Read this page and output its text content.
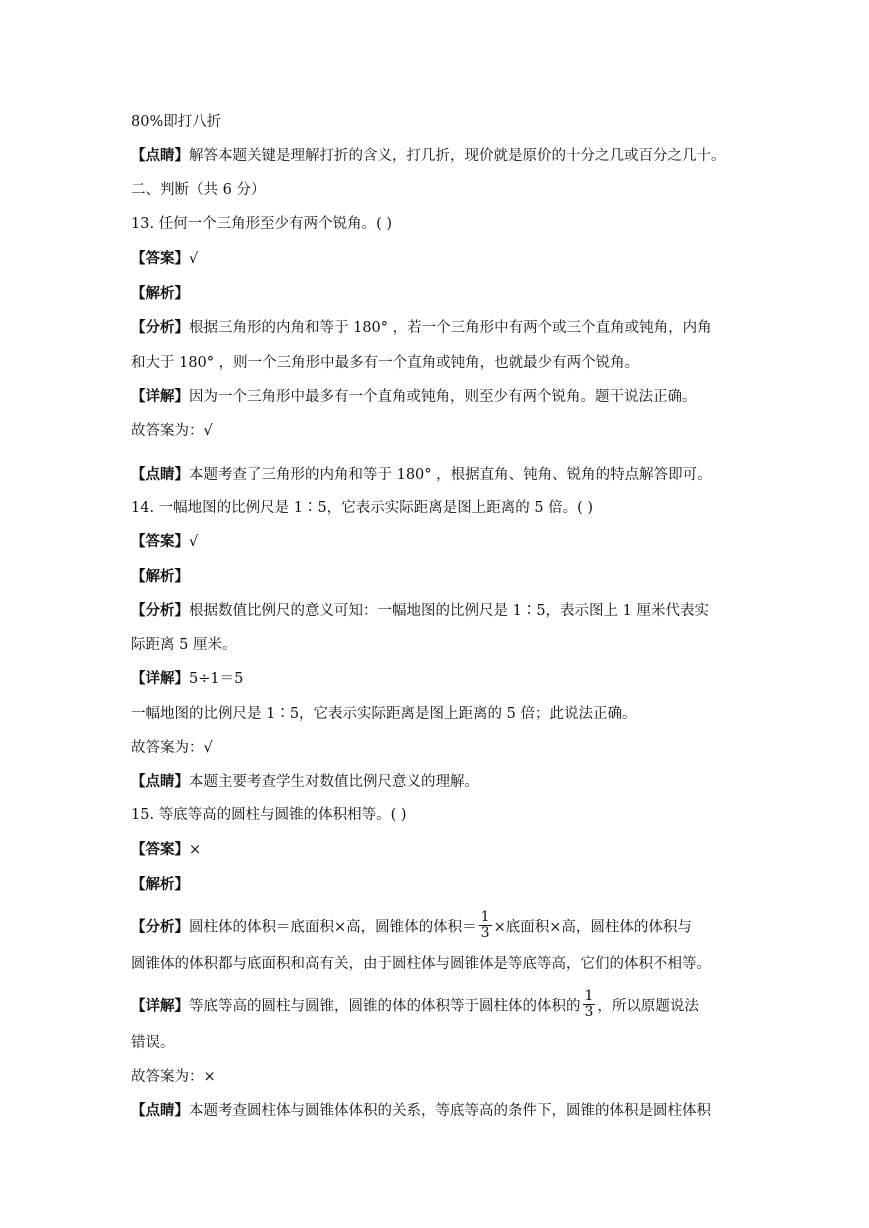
80%即打八折
【点睛】解答本题关键是理解打折的含义，打几折，现价就是原价的十分之几或百分之几十。
二、判断（共 6 分）
13. 任何一个三角形至少有两个锐角。( )
【答案】√
【解析】
【分析】根据三角形的内角和等于 180° ，若一个三角形中有两个或三个直角或钝角，内角
和大于 180° ，则一个三角形中最多有一个直角或钝角，也就最少有两个锐角。
【详解】因为一个三角形中最多有一个直角或钝角，则至少有两个锐角。题干说法正确。
故答案为：√
【点睛】本题考查了三角形的内角和等于 180° ，根据直角、钝角、锐角的特点解答即可。
14. 一幅地图的比例尺是 1∶5，它表示实际距离是图上距离的 5 倍。( )
【答案】√
【解析】
【分析】根据数值比例尺的意义可知：一幅地图的比例尺是 1∶5，表示图上 1 厘米代表实
际距离 5 厘米。
【详解】5÷1＝5
一幅地图的比例尺是 1∶5，它表示实际距离是图上距离的 5 倍；此说法正确。
故答案为：√
【点睛】本题主要考查学生对数值比例尺意义的理解。
15. 等底等高的圆柱与圆锥的体积相等。( )
【答案】×
【解析】
【分析】圆柱体的体积＝底面积×高，圆锥体的体积＝ $\frac{1}{3}$ ×底面积×高，圆柱体的体积与
圆锥体的体积都与底面积和高有关，由于圆柱体与圆锥体是等底等高，它们的体积不相等。
【详解】等底等高的圆柱与圆锥，圆锥的体的体积等于圆柱体的体积的 $\frac{1}{3}$ ，所以原题说法
错误。
故答案为：×
【点睛】本题考查圆柱体与圆锥体体积的关系，等底等高的条件下，圆锥的体积是圆柱体积
